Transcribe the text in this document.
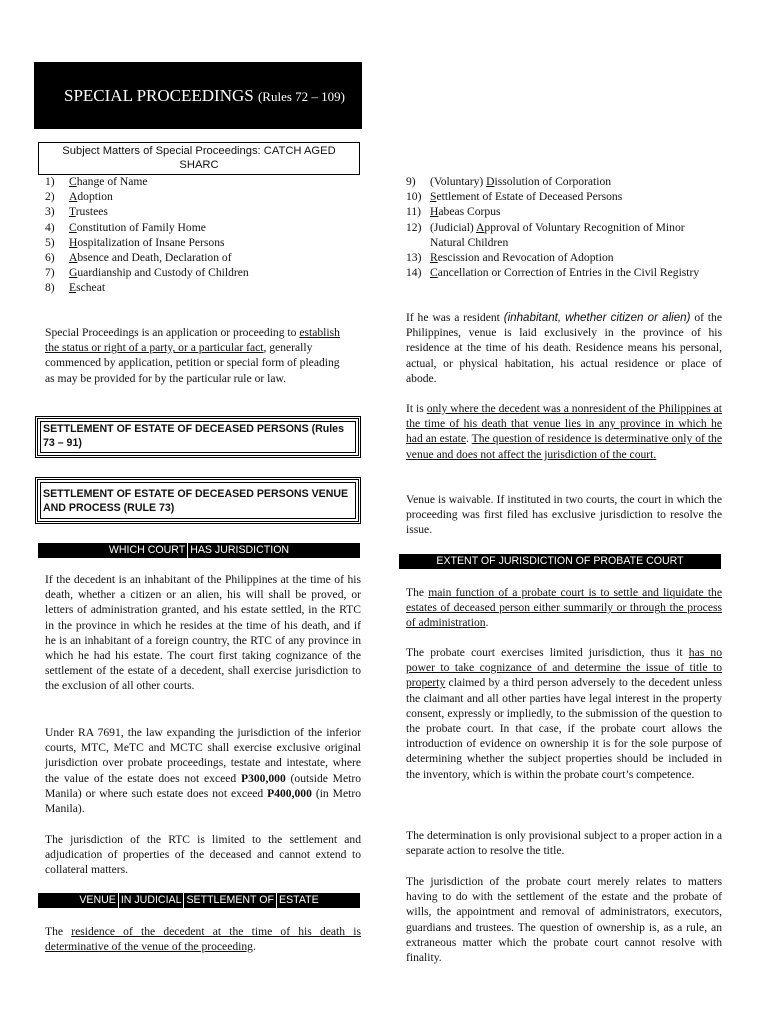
SPECIAL PROCEEDINGS (Rules 72 – 109)
Subject Matters of Special Proceedings: CATCH AGED
SHARC
1) Change of Name
2) Adoption
3) Trustees
4) Constitution of Family Home
5) Hospitalization of Insane Persons
6) Absence and Death, Declaration of
7) Guardianship and Custody of Children
8) Escheat
9) (Voluntary) Dissolution of Corporation
10) Settlement of Estate of Deceased Persons
11) Habeas Corpus
12) (Judicial) Approval of Voluntary Recognition of Minor Natural Children
13) Rescission and Revocation of Adoption
14) Cancellation or Correction of Entries in the Civil Registry

Special Proceedings is an application or proceeding to establish the status or right of a party, or a particular fact, generally commenced by application, petition or special form of pleading as may be provided for by the particular rule or law.

SETTLEMENT OF ESTATE OF DECEASED PERSONS (Rules 73 – 91)
SETTLEMENT OF ESTATE OF DECEASED PERSONS VENUE AND PROCESS (RULE 73)
WHICH COURT HAS JURISDICTION

If the decedent is an inhabitant of the Philippines at the time of his death, whether a citizen or an alien, his will shall be proved, or letters of administration granted, and his estate settled, in the RTC in the province in which he resides at the time of his death, and if he is an inhabitant of a foreign country, the RTC of any province in which he had his estate. The court first taking cognizance of the settlement of the estate of a decedent, shall exercise jurisdiction to the exclusion of all other courts.

Under RA 7691, the law expanding the jurisdiction of the inferior courts, MTC, MeTC and MCTC shall exercise exclusive original jurisdiction over probate proceedings, testate and intestate, where the value of the estate does not exceed P300,000 (outside Metro Manila) or where such estate does not exceed P400,000 (in Metro Manila).

The jurisdiction of the RTC is limited to the settlement and adjudication of properties of the deceased and cannot extend to collateral matters.

VENUE IN JUDICIAL SETTLEMENT OF ESTATE

The residence of the decedent at the time of his death is determinative of the venue of the proceeding.

If he was a resident (inhabitant, whether citizen or alien) of the Philippines, venue is laid exclusively in the province of his residence at the time of his death. Residence means his personal, actual, or physical habitation, his actual residence or place of abode.

It is only where the decedent was a nonresident of the Philippines at the time of his death that venue lies in any province in which he had an estate. The question of residence is determinative only of the venue and does not affect the jurisdiction of the court.

Venue is waivable. If instituted in two courts, the court in which the proceeding was first filed has exclusive jurisdiction to resolve the issue.

EXTENT OF JURISDICTION OF PROBATE COURT

The main function of a probate court is to settle and liquidate the estates of deceased person either summarily or through the process of administration.

The probate court exercises limited jurisdiction, thus it has no power to take cognizance of and determine the issue of title to property claimed by a third person adversely to the decedent unless the claimant and all other parties have legal interest in the property consent, expressly or impliedly, to the submission of the question to the probate court. In that case, if the probate court allows the introduction of evidence on ownership it is for the sole purpose of determining whether the subject properties should be included in the inventory, which is within the probate court’s competence.

The determination is only provisional subject to a proper action in a separate action to resolve the title.

The jurisdiction of the probate court merely relates to matters having to do with the settlement of the estate and the probate of wills, the appointment and removal of administrators, executors, guardians and trustees. The question of ownership is, as a rule, an extraneous matter which the probate court cannot resolve with finality.
